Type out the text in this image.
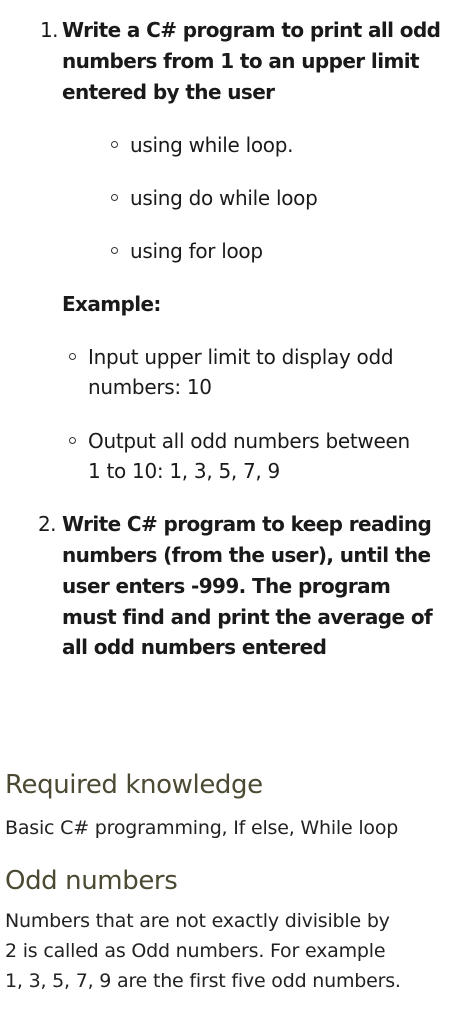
1. Write a C# program to print all odd

numbers from 1 to an upper limit

entered by the user

using while loop.

using do while loop

using for loop

Example:

Input upper limit to display odd

numbers: 10

Output all odd numbers between

1 to 10: 1, 3, 5, 7, 9

2. Write C# program to keep reading

numbers (from the user), until the

user enters -999. The program

must find and print the average of

all odd numbers entered

Required knowledge

Basic C# programming, If else, While loop

Odd numbers

Numbers that are not exactly divisible by

2 is called as Odd numbers. For example

1, 3, 5, 7, 9 are the first five odd numbers.
